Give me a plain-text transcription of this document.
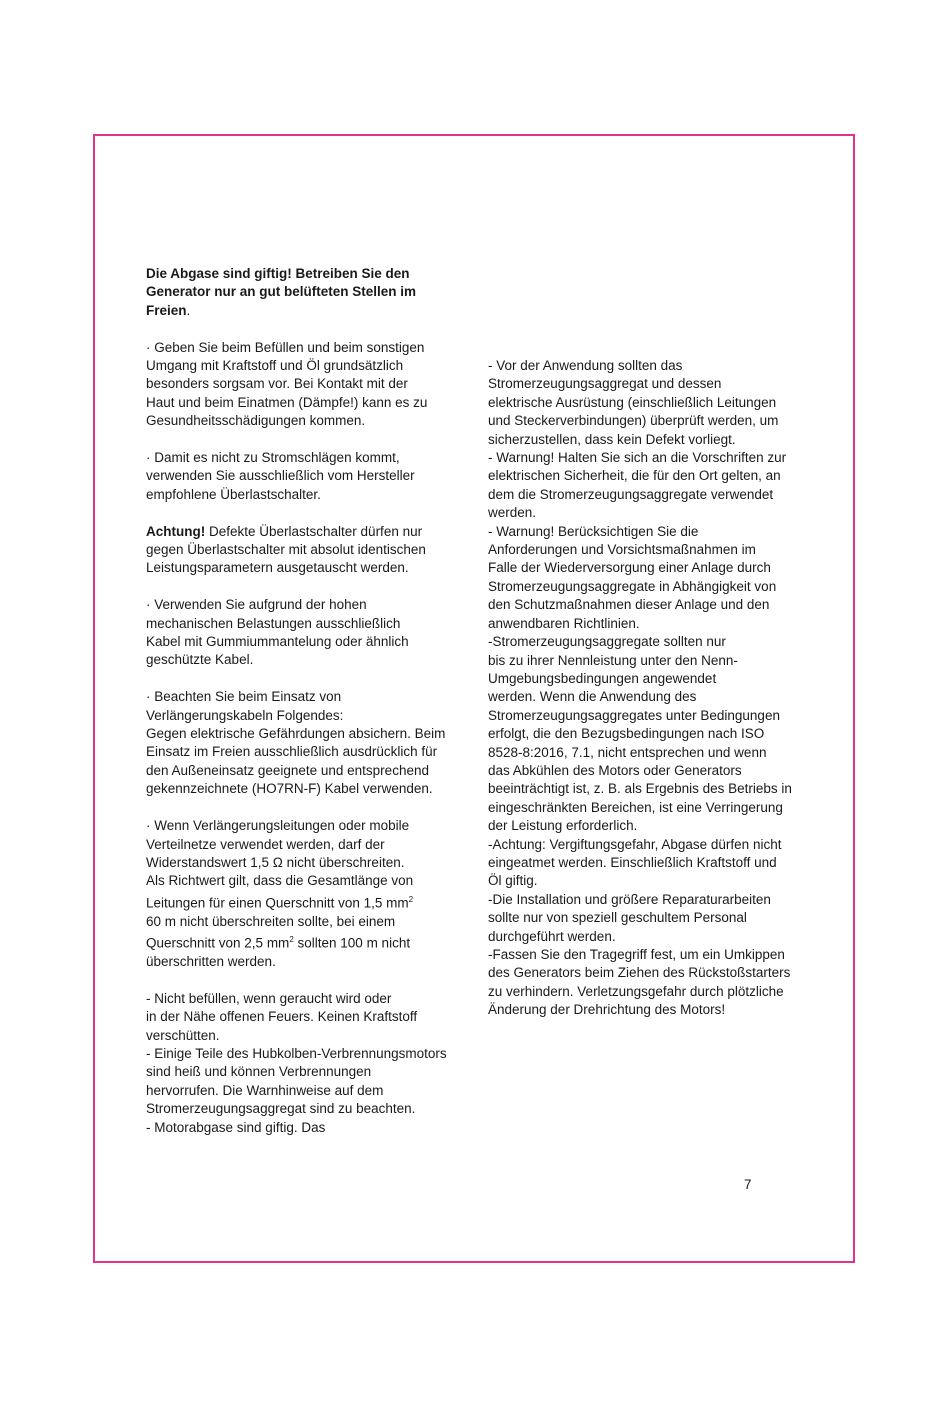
Die Abgase sind giftig! Betreiben Sie den
Generator nur an gut belüfteten Stellen im
Freien.

· Geben Sie beim Befüllen und beim sonstigen
Umgang mit Kraftstoff und Öl grundsätzlich
besonders sorgsam vor. Bei Kontakt mit der
Haut und beim Einatmen (Dämpfe!) kann es zu
Gesundheitsschädigungen kommen.

· Damit es nicht zu Stromschlägen kommt,
verwenden Sie ausschließlich vom Hersteller
empfohlene Überlastschalter.

Achtung! Defekte Überlastschalter dürfen nur
gegen Überlastschalter mit absolut identischen
Leistungsparametern ausgetauscht werden.

· Verwenden Sie aufgrund der hohen
mechanischen Belastungen ausschließlich
Kabel mit Gummiummantelung oder ähnlich
geschützte Kabel.

· Beachten Sie beim Einsatz von
Verlängerungskabeln Folgendes:
Gegen elektrische Gefährdungen absichern. Beim
Einsatz im Freien ausschließlich ausdrücklich für
den Außeneinsatz geeignete und entsprechend
gekennzeichnete (HO7RN-F) Kabel verwenden.

· Wenn Verlängerungsleitungen oder mobile
Verteilnetze verwendet werden, darf der
Widerstandswert 1,5 Ω nicht überschreiten.
Als Richtwert gilt, dass die Gesamtlänge von
Leitungen für einen Querschnitt von 1,5 $mm^2$
60 m nicht überschreiten sollte, bei einem
Querschnitt von 2,5 $mm^2$ sollten 100 m nicht
überschritten werden.

- Nicht befüllen, wenn geraucht wird oder
in der Nähe offenen Feuers. Keinen Kraftstoff
verschütten.
- Einige Teile des Hubkolben-Verbrennungsmotors
sind heiß und können Verbrennungen
hervorrufen. Die Warnhinweise auf dem
Stromerzeugungsaggregat sind zu beachten.
- Motorabgase sind giftig. Das

- Vor der Anwendung sollten das
Stromerzeugungsaggregat und dessen
elektrische Ausrüstung (einschließlich Leitungen
und Steckerverbindungen) überprüft werden, um
sicherzustellen, dass kein Defekt vorliegt.
- Warnung! Halten Sie sich an die Vorschriften zur
elektrischen Sicherheit, die für den Ort gelten, an
dem die Stromerzeugungsaggregate verwendet
werden.
- Warnung! Berücksichtigen Sie die
Anforderungen und Vorsichtsmaßnahmen im
Falle der Wiederversorgung einer Anlage durch
Stromerzeugungsaggregate in Abhängigkeit von
den Schutzmaßnahmen dieser Anlage und den
anwendbaren Richtlinien.
-Stromerzeugungsaggregate sollten nur
bis zu ihrer Nennleistung unter den Nenn-
Umgebungsbedingungen angewendet
werden. Wenn die Anwendung des
Stromerzeugungsaggregates unter Bedingungen
erfolgt, die den Bezugsbedingungen nach ISO
8528-8:2016, 7.1, nicht entsprechen und wenn
das Abkühlen des Motors oder Generators
beeinträchtigt ist, z. B. als Ergebnis des Betriebs in
eingeschränkten Bereichen, ist eine Verringerung
der Leistung erforderlich.
-Achtung: Vergiftungsgefahr, Abgase dürfen nicht
eingeatmet werden. Einschließlich Kraftstoff und
Öl giftig.
-Die Installation und größere Reparaturarbeiten
sollte nur von speziell geschultem Personal
durchgeführt werden.
-Fassen Sie den Tragegriff fest, um ein Umkippen
des Generators beim Ziehen des Rückstoßstarters
zu verhindern. Verletzungsgefahr durch plötzliche
Änderung der Drehrichtung des Motors!

7
